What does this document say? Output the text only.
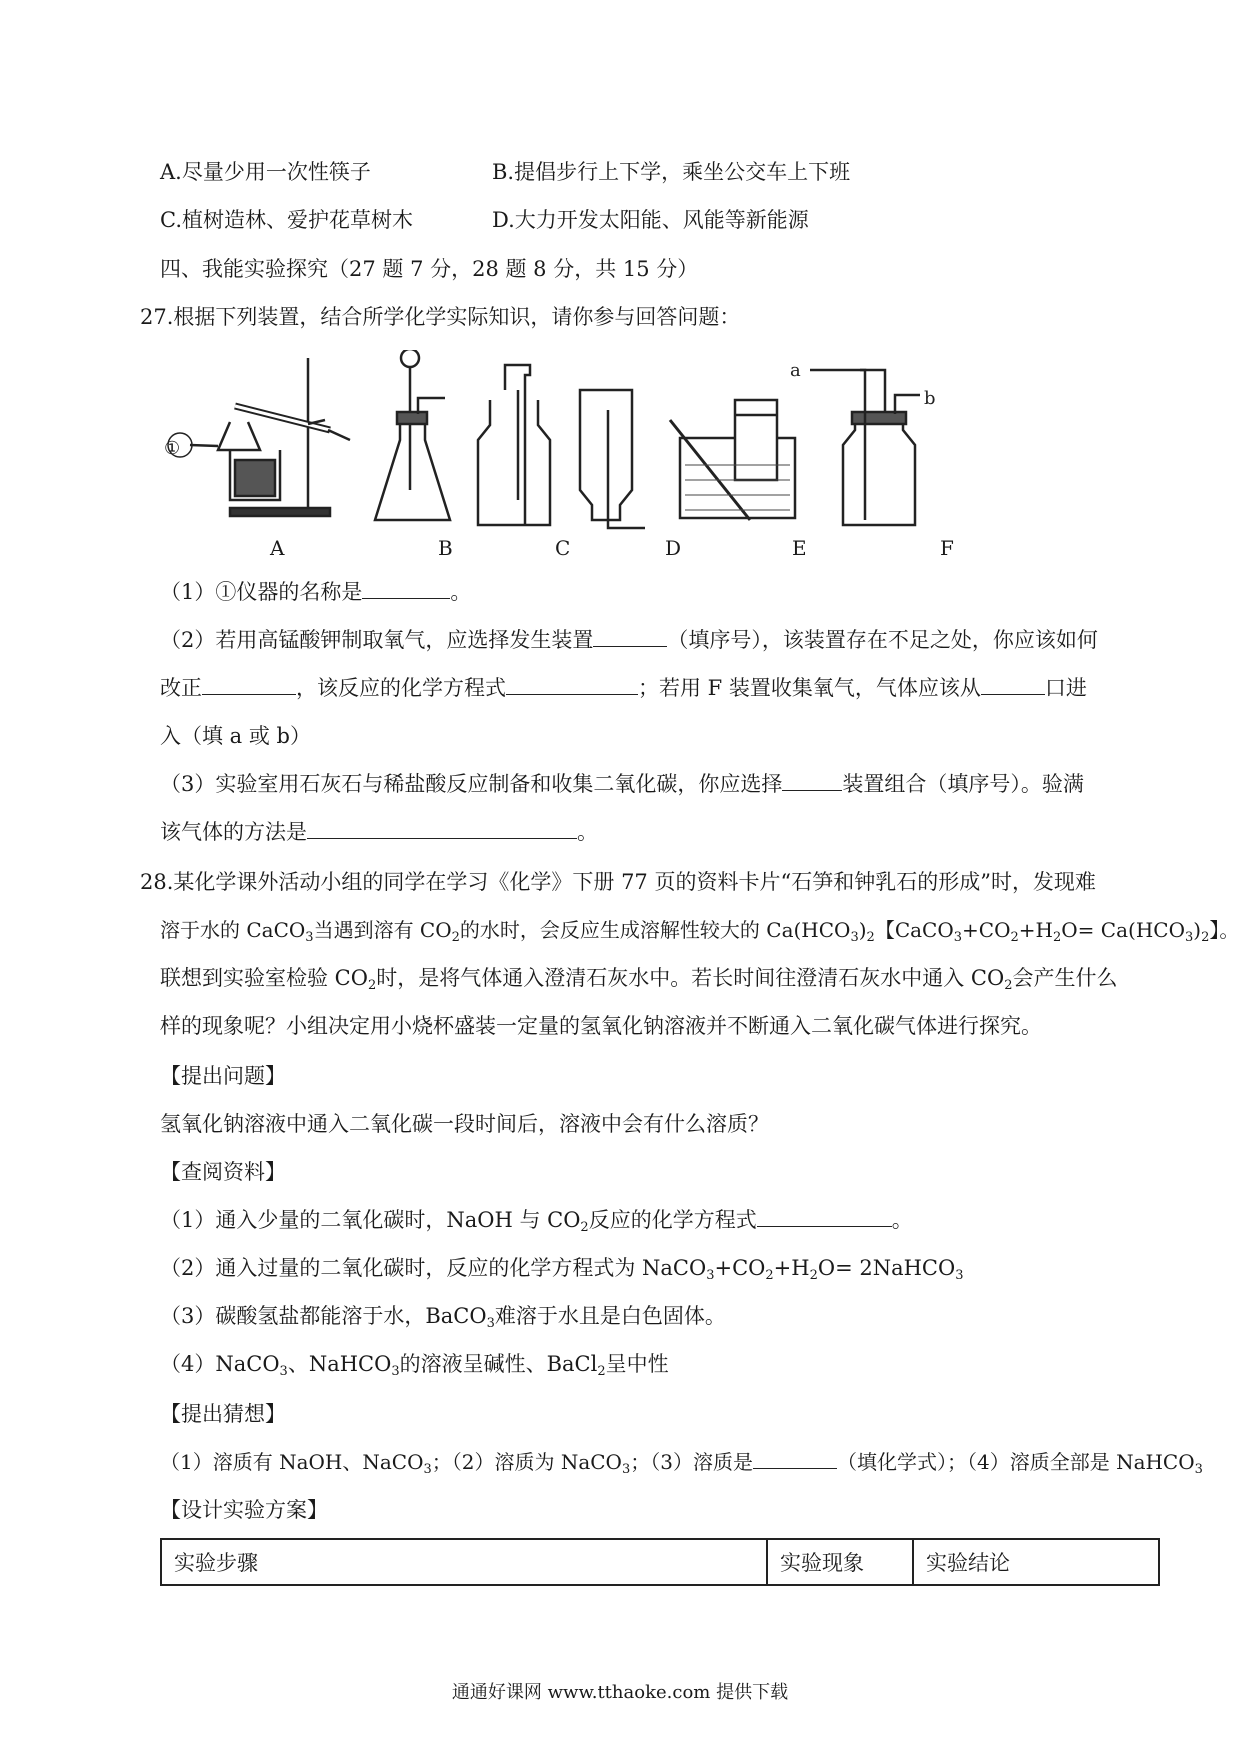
A.尽量少用一次性筷子	B.提倡步行上下学，乘坐公交车上下班
C.植树造林、爱护花草树木	D.大力开发太阳能、风能等新能源
四、我能实验探究（27 题 7 分，28 题 8 分，共 15 分）
27.根据下列装置，结合所学化学实际知识，请你参与回答问题：
①
a
b
A	B	C	D	E	F
（1）①仪器的名称是	。
（2）若用高锰酸钾制取氧气，应选择发生装置	（填序号），该装置存在不足之处，你应该如何
改正	，该反应的化学方程式	；若用 F 装置收集氧气，气体应该从	口进
入（填 a 或 b）
（3）实验室用石灰石与稀盐酸反应制备和收集二氧化碳，你应选择	装置组合（填序号）。验满
该气体的方法是	。
28.某化学课外活动小组的同学在学习《化学》下册 77 页的资料卡片“石笋和钟乳石的形成”时，发现难
溶于水的 CaCO$_3$当遇到溶有 $CO_2$的水时，会反应生成溶解性较大的 $Ca(HCO_3)_2$【$CaCO_3+CO_2+H_2O= Ca(HCO_3)_2$】。
联想到实验室检验 $CO_2$时，是将气体通入澄清石灰水中。若长时间往澄清石灰水中通入 $CO_2$会产生什么
样的现象呢？小组决定用小烧杯盛装一定量的氢氧化钠溶液并不断通入二氧化碳气体进行探究。
【提出问题】
氢氧化钠溶液中通入二氧化碳一段时间后，溶液中会有什么溶质？
【查阅资料】
（1）通入少量的二氧化碳时，NaOH 与 $CO_2$反应的化学方程式	。
（2）通入过量的二氧化碳时，反应的化学方程式为 $NaCO_3+CO_2+H_2O=$ 2NaHCO$_3$
（3）碳酸氢盐都能溶于水，BaCO$_3$难溶于水且是白色固体。
（4）NaCO$_3$、NaHCO$_3$的溶液呈碱性、BaCl$_2$呈中性
【提出猜想】
（1）溶质有 NaOH、NaCO$_3$；（2）溶质为 NaCO$_3$；（3）溶质是	（填化学式）；（4）溶质全部是 NaHCO$_3$
【设计实验方案】
实验步骤	实验现象	实验结论
通通好课网 www.tthaoke.com 提供下载
